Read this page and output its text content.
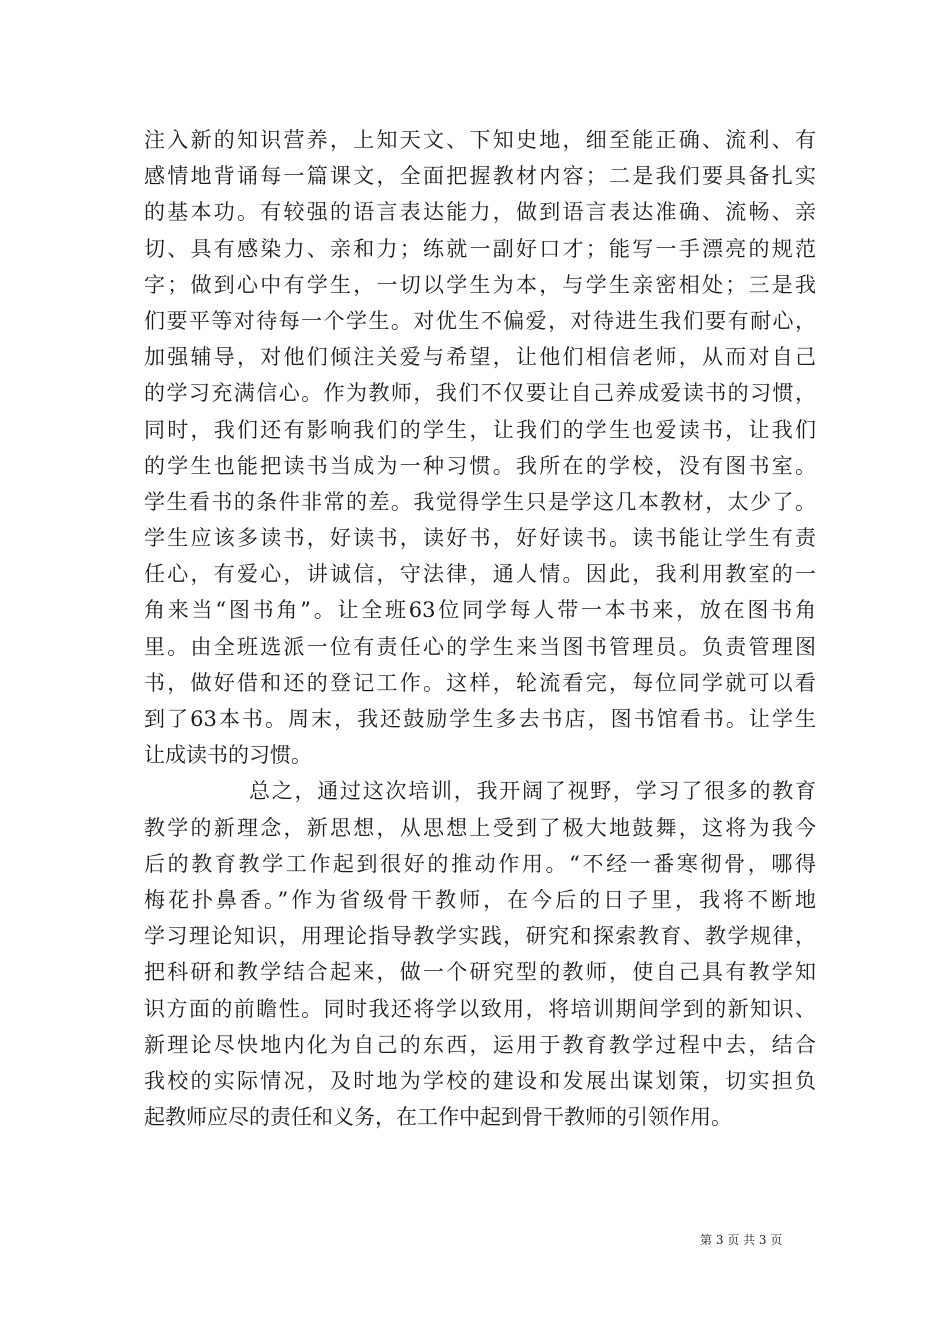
注入新的知识营养，上知天文、下知史地，细至能正确、流利、有
感情地背诵每一篇课文，全面把握教材内容；二是我们要具备扎实
的基本功。有较强的语言表达能力，做到语言表达准确、流畅、亲
切、具有感染力、亲和力；练就一副好口才；能写一手漂亮的规范
字；做到心中有学生，一切以学生为本，与学生亲密相处；三是我
们要平等对待每一个学生。对优生不偏爱，对待进生我们要有耐心，
加强辅导，对他们倾注关爱与希望，让他们相信老师，从而对自己
的学习充满信心。作为教师，我们不仅要让自己养成爱读书的习惯，
同时，我们还有影响我们的学生，让我们的学生也爱读书，让我们
的学生也能把读书当成为一种习惯。我所在的学校，没有图书室。
学生看书的条件非常的差。我觉得学生只是学这几本教材，太少了。
学生应该多读书，好读书，读好书，好好读书。读书能让学生有责
任心，有爱心，讲诚信，守法律，通人情。因此，我利用教室的一
角来当“图书角”。让全班63位同学每人带一本书来，放在图书角
里。由全班选派一位有责任心的学生来当图书管理员。负责管理图
书，做好借和还的登记工作。这样，轮流看完，每位同学就可以看
到了63本书。周末，我还鼓励学生多去书店，图书馆看书。让学生
让成读书的习惯。
总之，通过这次培训，我开阔了视野，学习了很多的教育
教学的新理念，新思想，从思想上受到了极大地鼓舞，这将为我今
后的教育教学工作起到很好的推动作用。“不经一番寒彻骨，哪得
梅花扑鼻香。”作为省级骨干教师，在今后的日子里，我将不断地
学习理论知识，用理论指导教学实践，研究和探索教育、教学规律，
把科研和教学结合起来，做一个研究型的教师，使自己具有教学知
识方面的前瞻性。同时我还将学以致用，将培训期间学到的新知识、
新理论尽快地内化为自己的东西，运用于教育教学过程中去，结合
我校的实际情况，及时地为学校的建设和发展出谋划策，切实担负
起教师应尽的责任和义务，在工作中起到骨干教师的引领作用。
第 3 页 共 3 页
